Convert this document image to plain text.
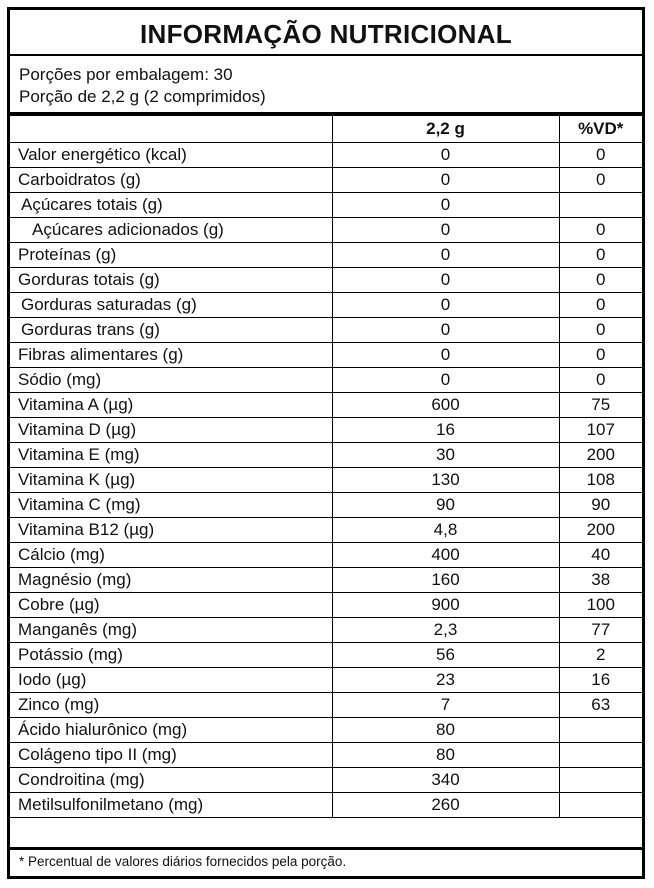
INFORMAÇÃO NUTRICIONAL
Porções por embalagem: 30
Porção de 2,2 g (2 comprimidos)
	2,2 g	%VD*
Valor energético (kcal)	0	0
Carboidratos (g)	0	0
Açúcares totais (g)	0	
Açúcares adicionados (g)	0	0
Proteínas (g)	0	0
Gorduras totais (g)	0	0
Gorduras saturadas (g)	0	0
Gorduras trans (g)	0	0
Fibras alimentares (g)	0	0
Sódio (mg)	0	0
Vitamina A (µg)	600	75
Vitamina D (µg)	16	107
Vitamina E (mg)	30	200
Vitamina K (µg)	130	108
Vitamina C (mg)	90	90
Vitamina B12 (µg)	4,8	200
Cálcio (mg)	400	40
Magnésio (mg)	160	38
Cobre (µg)	900	100
Manganês (mg)	2,3	77
Potássio (mg)	56	2
Iodo (µg)	23	16
Zinco (mg)	7	63
Ácido hialurônico (mg)	80	
Colágeno tipo II (mg)	80	
Condroitina (mg)	340	
Metilsulfonilmetano (mg)	260	
* Percentual de valores diários fornecidos pela porção.
